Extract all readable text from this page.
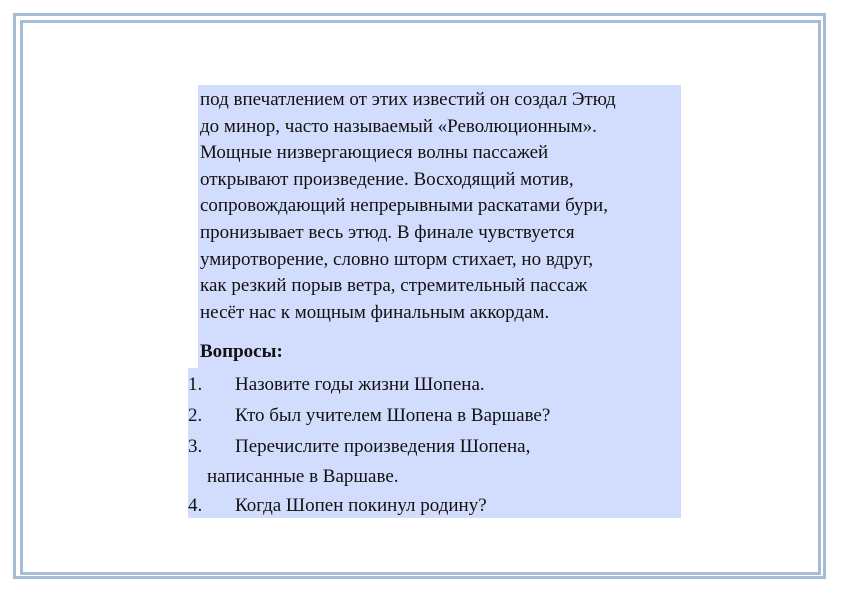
под впечатлением от этих известий он создал Этюд
до минор, часто называемый «Революционным».
Мощные низвергающиеся волны пассажей
открывают произведение. Восходящий мотив,
сопровождающий непрерывными раскатами бури,
пронизывает весь этюд. В финале чувствуется
умиротворение, словно шторм стихает, но вдруг,
как резкий порыв ветра, стремительный пассаж
несёт нас к мощным финальным аккордам.
Вопросы:
1. Назовите годы жизни Шопена.
2. Кто был учителем Шопена в Варшаве?
3. Перечислите произведения Шопена,
написанные в Варшаве.
4. Когда Шопен покинул родину?
